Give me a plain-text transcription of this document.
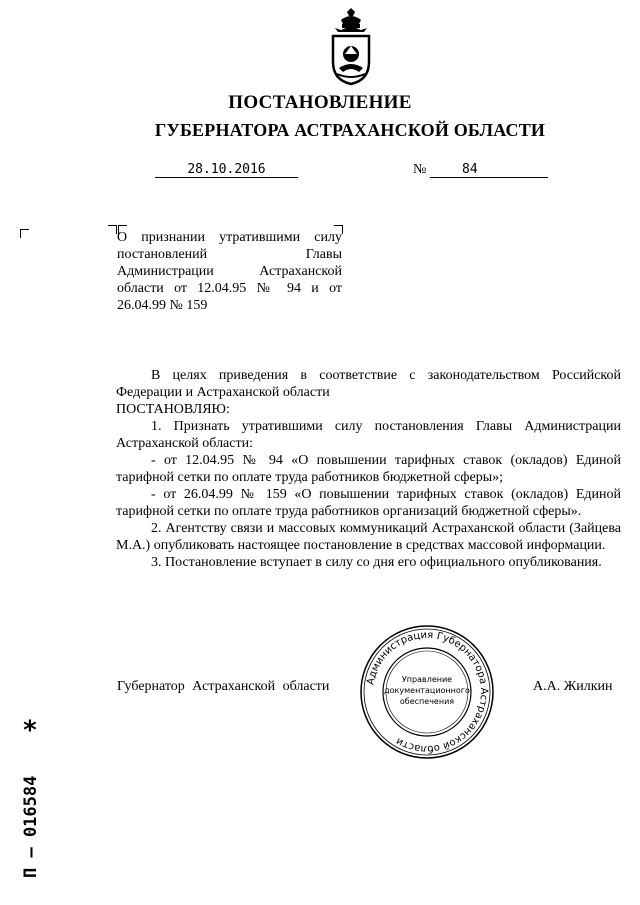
ПОСТАНОВЛЕНИЕ
ГУБЕРНАТОРА АСТРАХАНСКОЙ ОБЛАСТИ
28.10.2016	№	84

О признании утратившими силу постановлений Главы Администрации Астраханской области от 12.04.95 № 94 и от 26.04.99 № 159

В целях приведения в соответствие с законодательством Российской Федерации и Астраханской области

ПОСТАНОВЛЯЮ:

1. Признать утратившими силу постановления Главы Администрации Астраханской области:

- от 12.04.95 № 94 «О повышении тарифных ставок (окладов) Единой тарифной сетки по оплате труда работников бюджетной сферы»;

- от 26.04.99 № 159 «О повышении тарифных ставок (окладов) Единой тарифной сетки по оплате труда работников организаций бюджетной сферы».

2. Агентству связи и массовых коммуникаций Астраханской области (Зайцева М.А.) опубликовать настоящее постановление в средствах массовой информации.

3. Постановление вступает в силу со дня его официального опубликования.

Губернатор Астраханской области	А.А. Жилкин
Администрация Губернатора Астраханской области
Управление
документационного
обеспечения
*
П – 016584
